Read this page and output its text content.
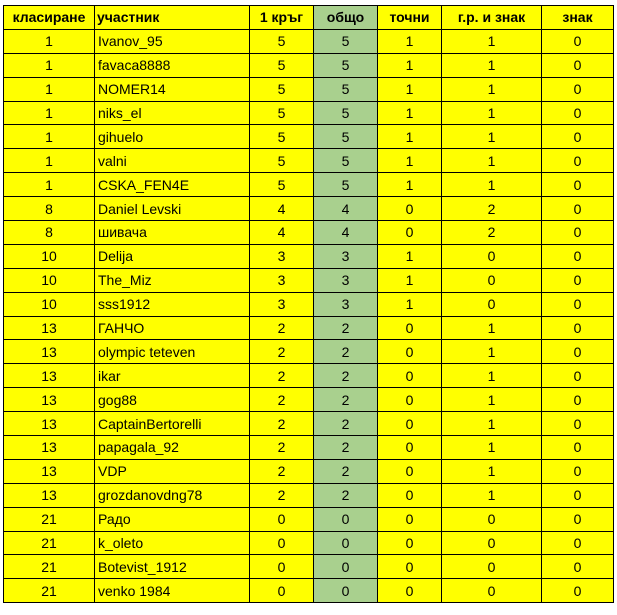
класиране	участник	1 кръг	общо	точни	г.р. и знак	знак
1	Ivanov_95	5	5	1	1	0
1	favaca8888	5	5	1	1	0
1	NOMER14	5	5	1	1	0
1	niks_el	5	5	1	1	0
1	gihuelo	5	5	1	1	0
1	valni	5	5	1	1	0
1	CSKA_FEN4E	5	5	1	1	0
8	Daniel Levski	4	4	0	2	0
8	шивача	4	4	0	2	0
10	Delija	3	3	1	0	0
10	The_Miz	3	3	1	0	0
10	sss1912	3	3	1	0	0
13	ГАНЧО	2	2	0	1	0
13	olympic teteven	2	2	0	1	0
13	ikar	2	2	0	1	0
13	gog88	2	2	0	1	0
13	CaptainBertorelli	2	2	0	1	0
13	papagala_92	2	2	0	1	0
13	VDP	2	2	0	1	0
13	grozdanovdng78	2	2	0	1	0
21	Радо	0	0	0	0	0
21	k_oleto	0	0	0	0	0
21	Botevist_1912	0	0	0	0	0
21	venko 1984	0	0	0	0	0
